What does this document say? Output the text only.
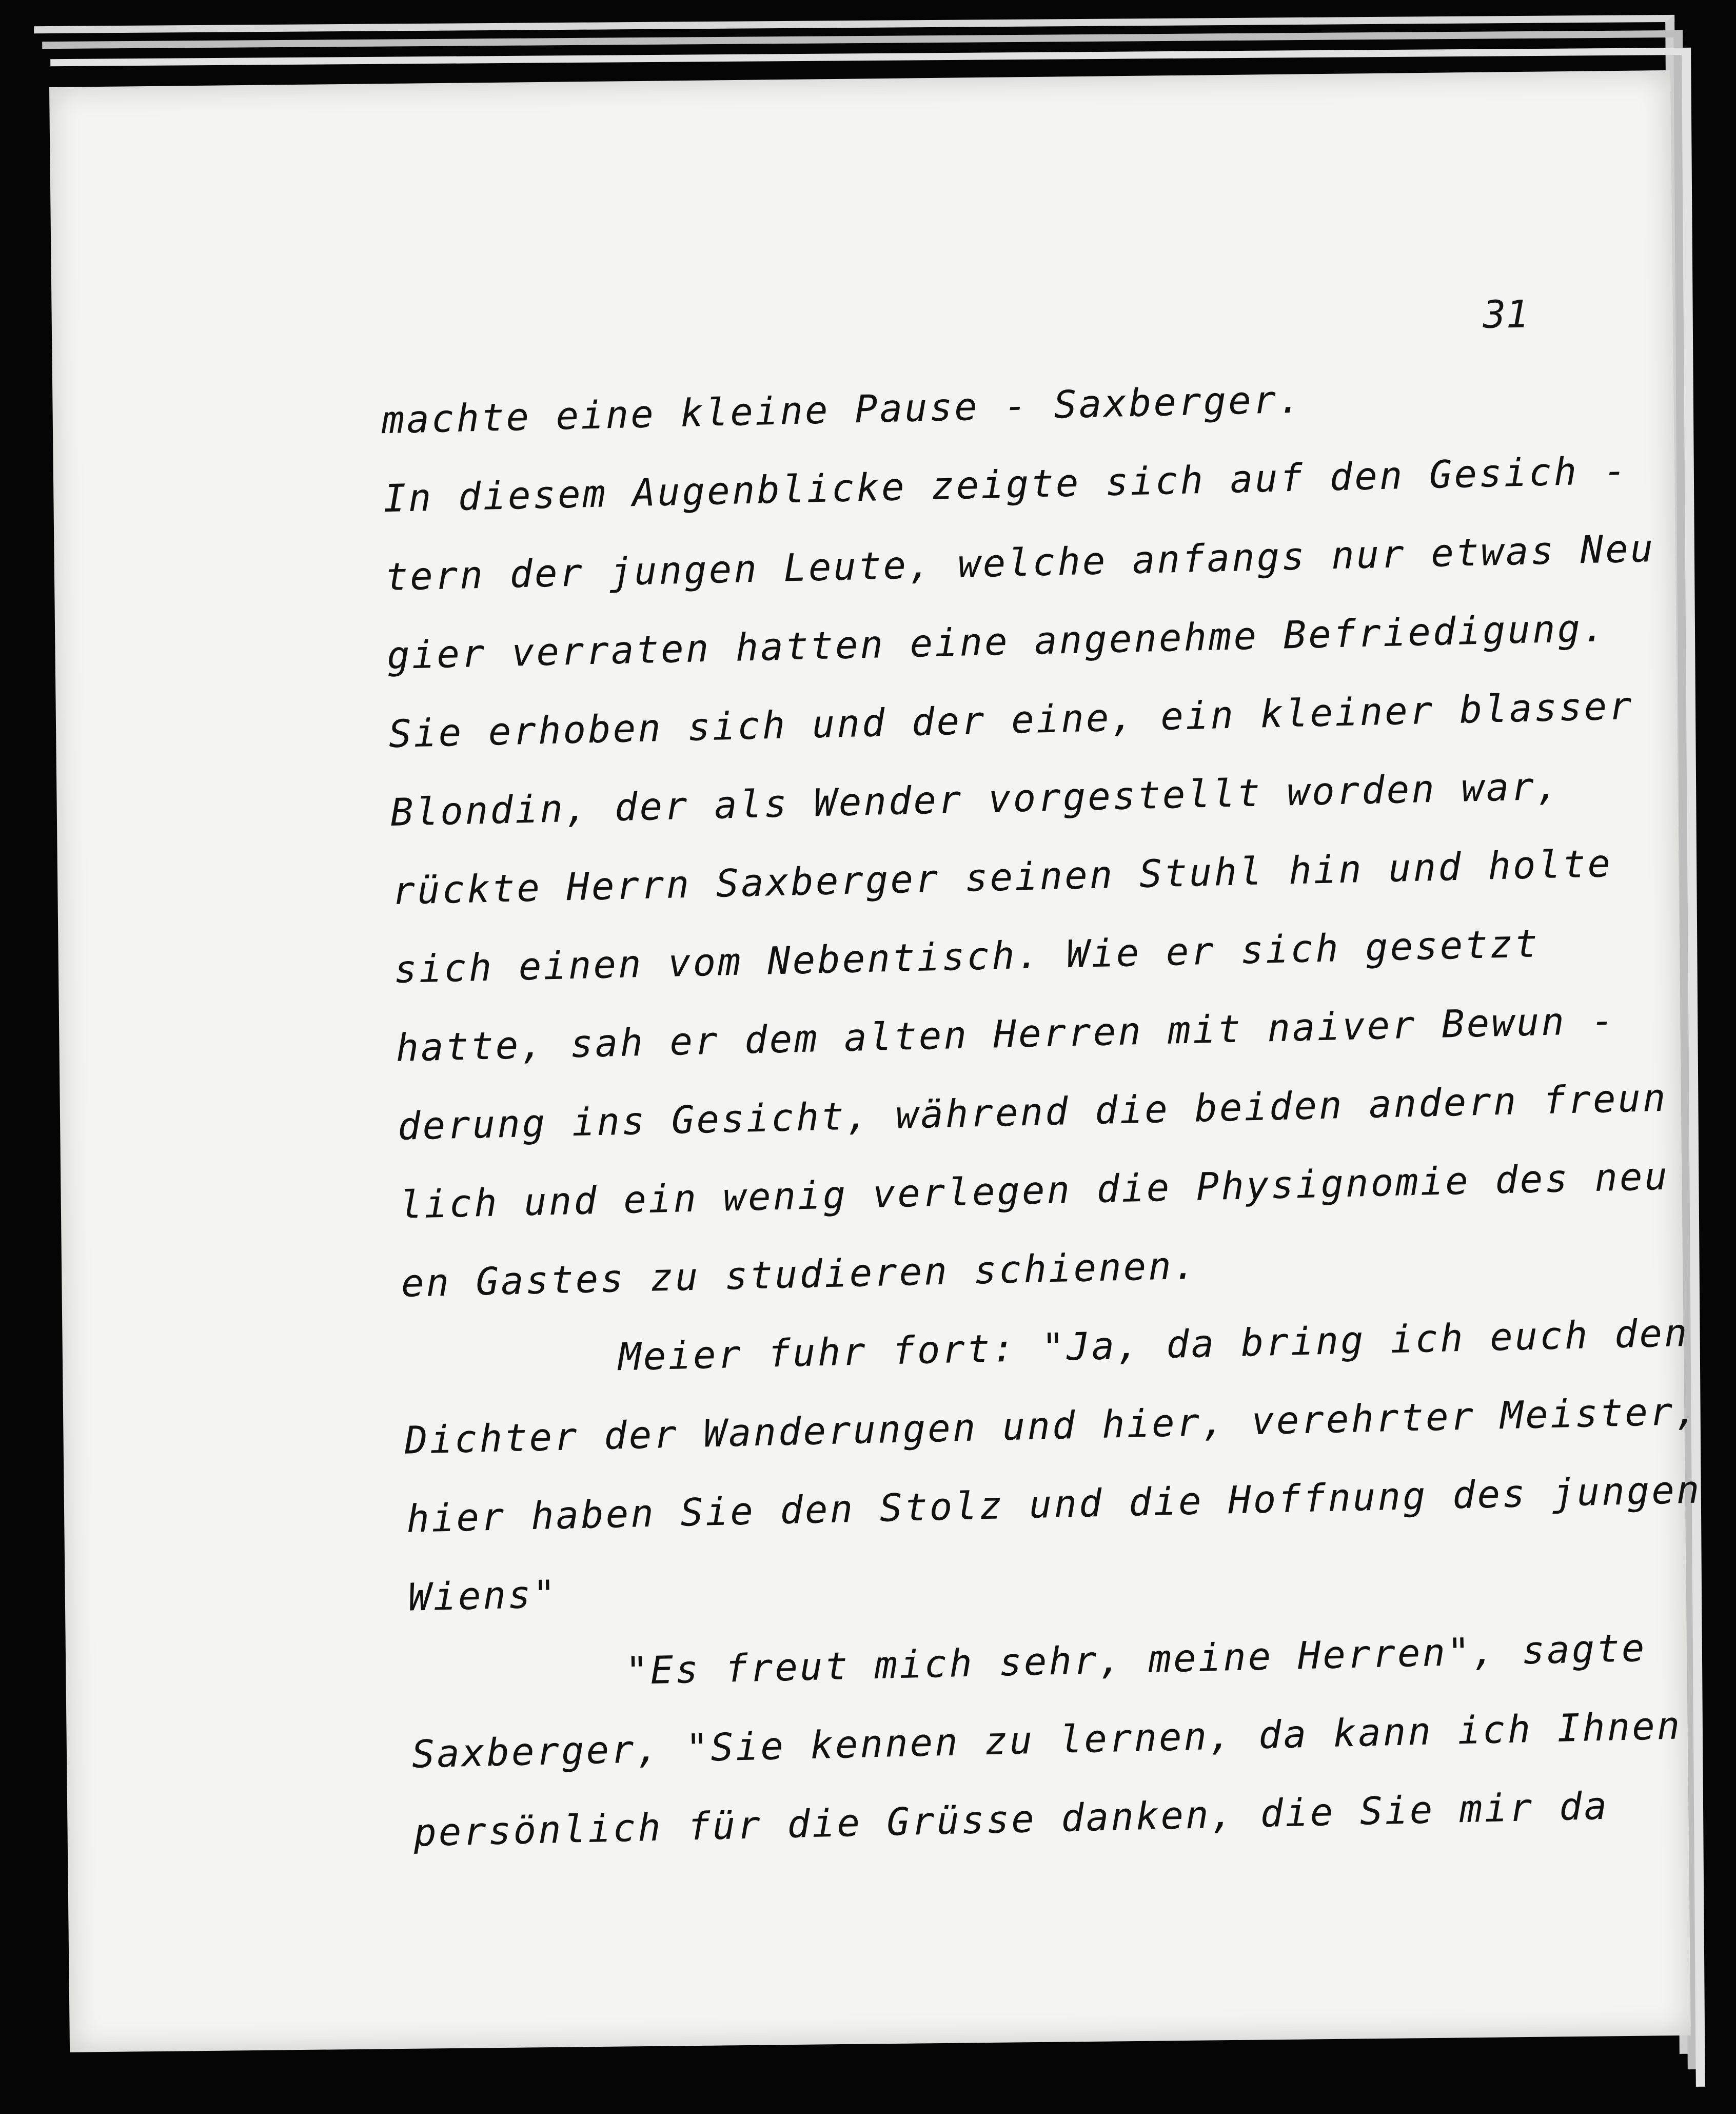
31
machte eine kleine Pause - Saxberger.
In diesem Augenblicke zeigte sich auf den Gesich -
tern der jungen Leute, welche anfangs nur etwas Neu
gier verraten hatten eine angenehme Befriedigung.
Sie erhoben sich und der eine, ein kleiner blasser
Blondin, der als Wender vorgestellt worden war,
rückte Herrn Saxberger seinen Stuhl hin und holte
sich einen vom Nebentisch. Wie er sich gesetzt
hatte, sah er dem alten Herren mit naiver Bewun -
derung ins Gesicht, während die beiden andern freun
lich und ein wenig verlegen die Physignomie des neu
en Gastes zu studieren schienen.
Meier fuhr fort: "Ja, da bring ich euch den
Dichter der Wanderungen und hier, verehrter Meister,
hier haben Sie den Stolz und die Hoffnung des jungen
Wiens"
"Es freut mich sehr, meine Herren", sagte
Saxberger, "Sie kennen zu lernen, da kann ich Ihnen
persönlich für die Grüsse danken, die Sie mir da
